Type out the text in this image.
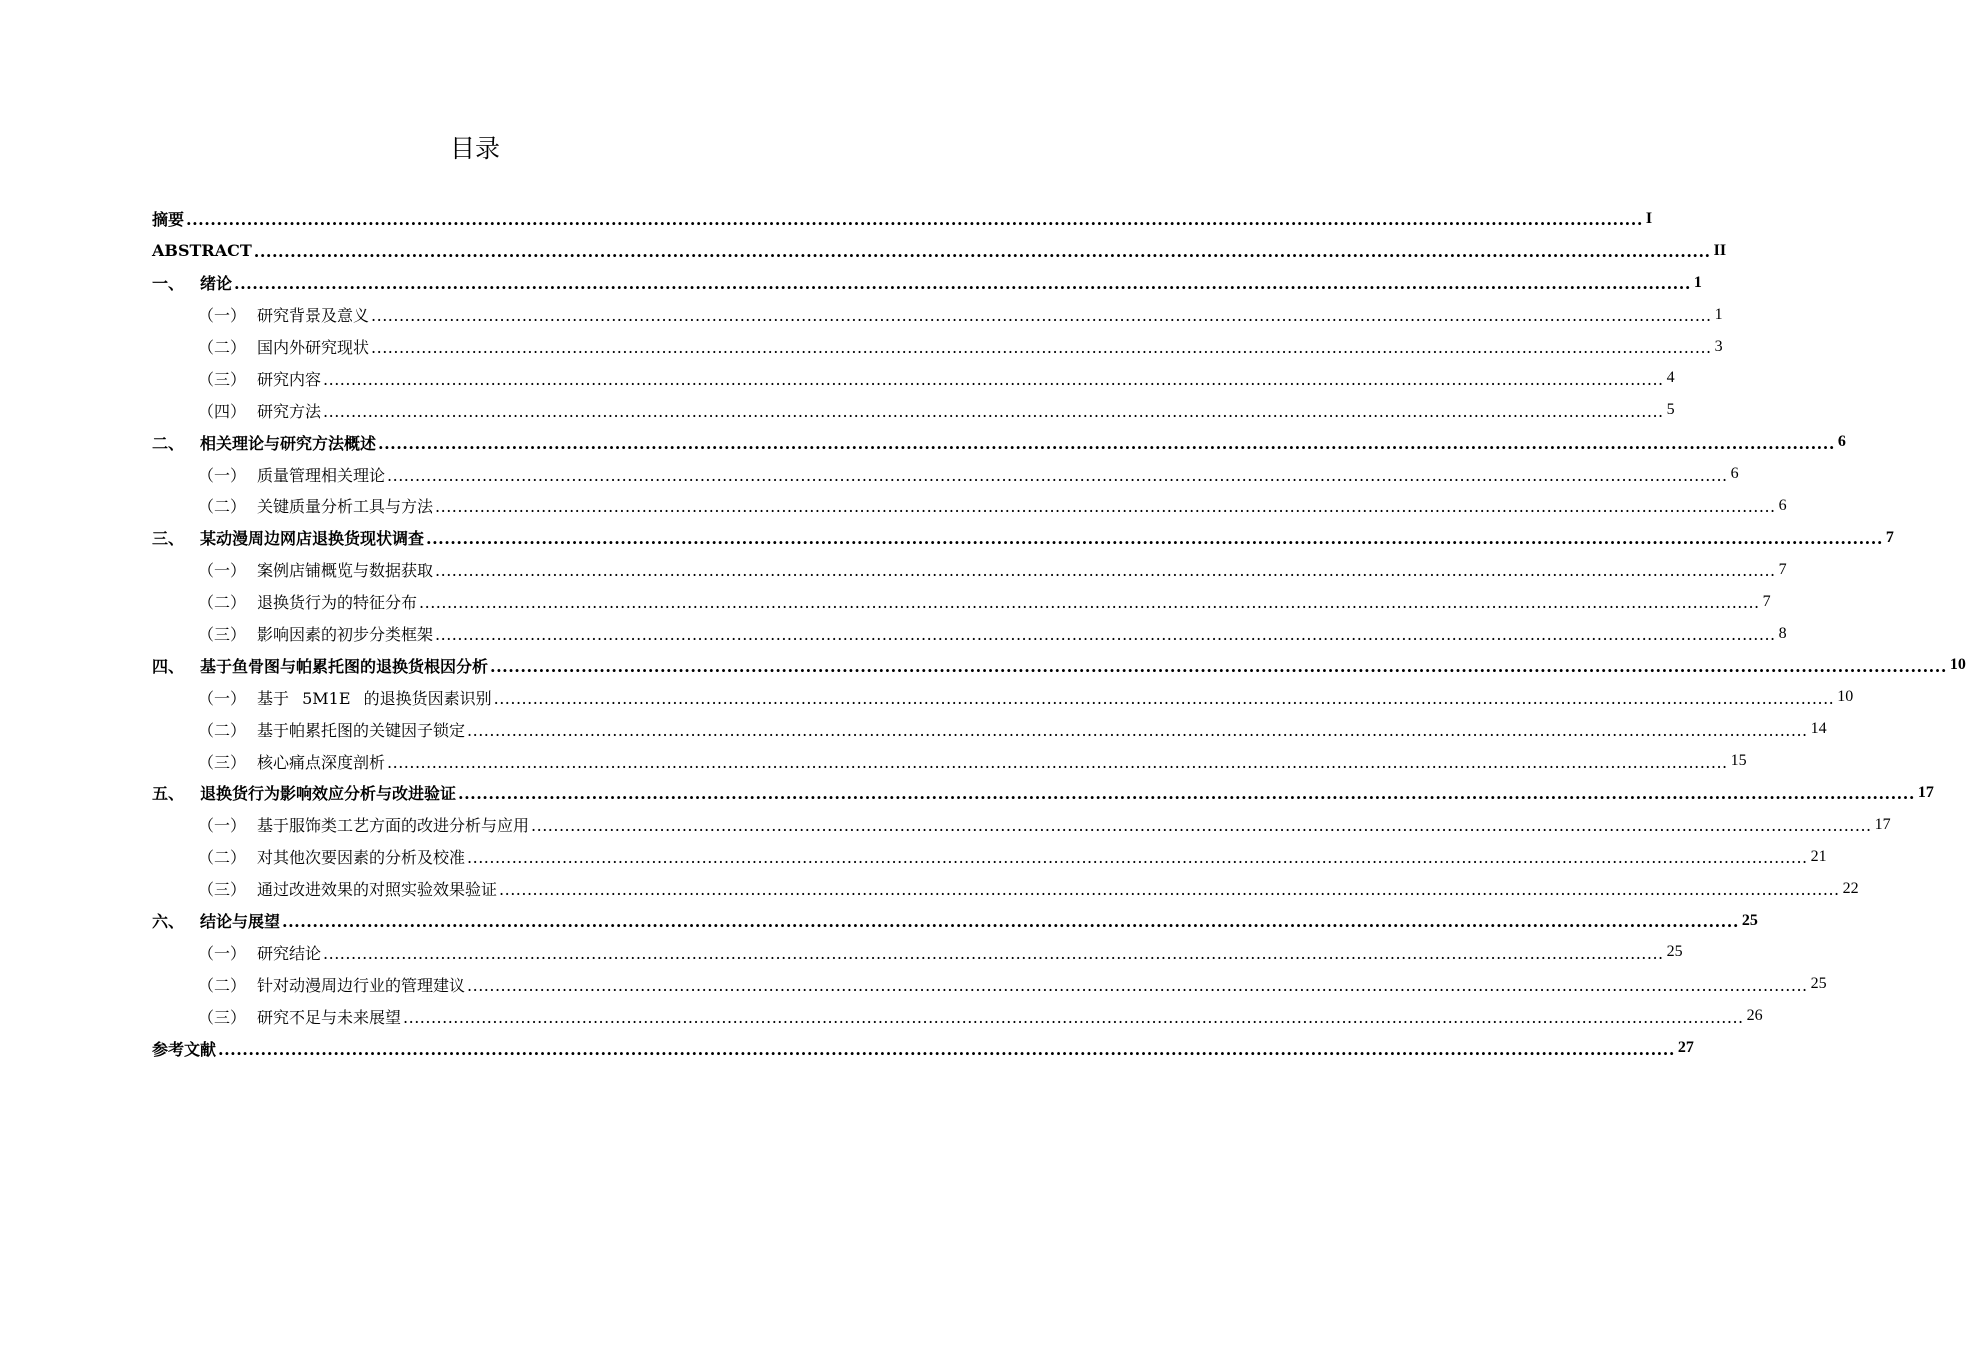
目录
摘要 .....	I
ABSTRACT .....	II
一、 绪论 .....	1
（一） 研究背景及意义 .....	1
（二） 国内外研究现状 .....	3
（三） 研究内容 .....	4
（四） 研究方法 .....	5
二、 相关理论与研究方法概述 .....	6
（一） 质量管理相关理论 .....	6
（二） 关键质量分析工具与方法 .....	6
三、 某动漫周边网店退换货现状调查 .....	7
（一） 案例店铺概览与数据获取 .....	7
（二） 退换货行为的特征分布 .....	7
（三） 影响因素的初步分类框架 .....	8
四、 基于鱼骨图与帕累托图的退换货根因分析 .....	10
（一） 基于 5M1E 的退换货因素识别 .....	10
（二） 基于帕累托图的关键因子锁定 .....	14
（三） 核心痛点深度剖析 .....	15
五、 退换货行为影响效应分析与改进验证 .....	17
（一） 基于服饰类工艺方面的改进分析与应用 .....	17
（二） 对其他次要因素的分析及校准 .....	21
（三） 通过改进效果的对照实验效果验证 .....	22
六、 结论与展望 .....	25
（一） 研究结论 .....	25
（二） 针对动漫周边行业的管理建议 .....	25
（三） 研究不足与未来展望 .....	26
参考文献 .....	27
